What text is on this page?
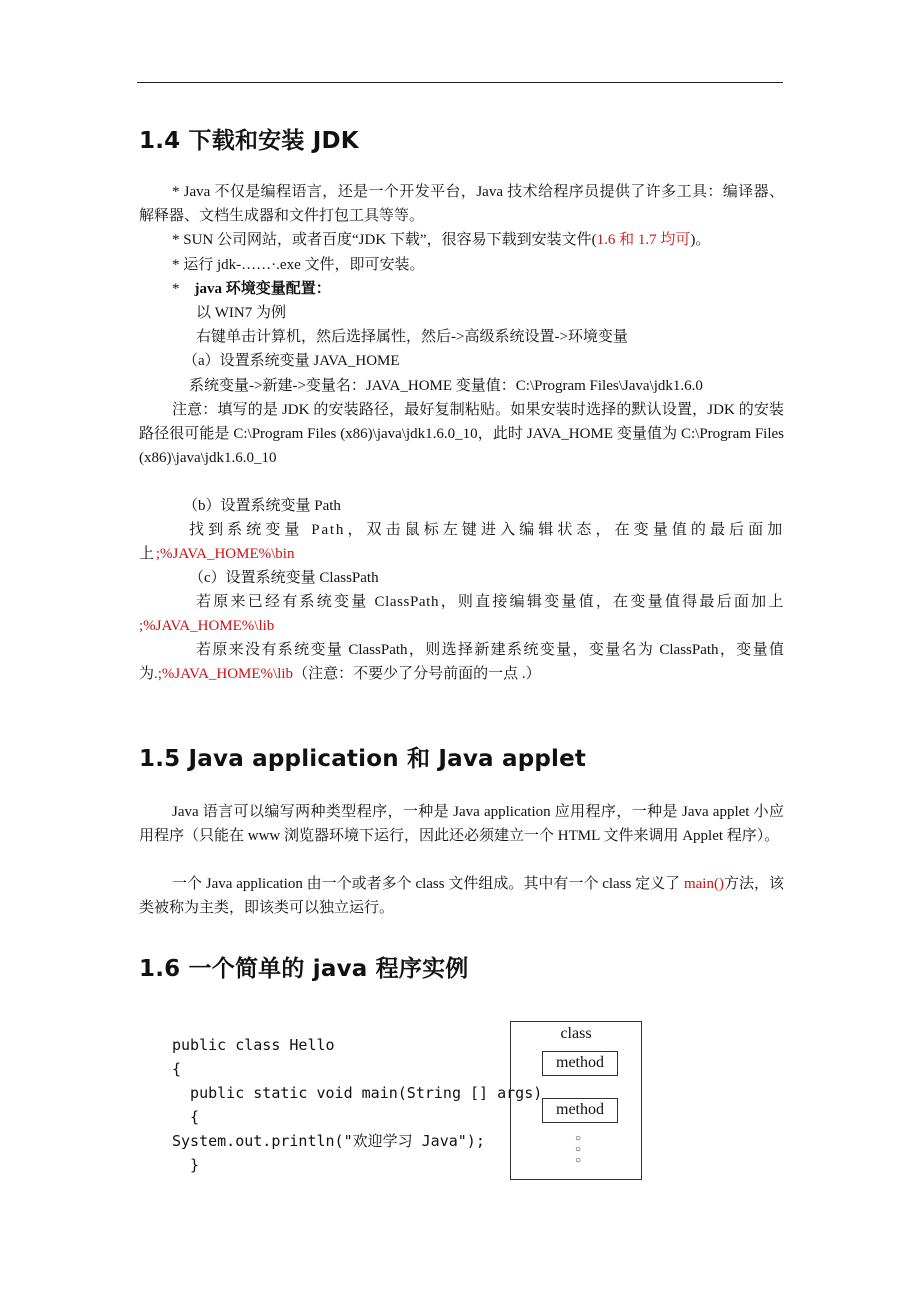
1.4 下载和安装 JDK

* Java 不仅是编程语言，还是一个开发平台，Java 技术给程序员提供了许多工具：编译器、解释器、文档生成器和文件打包工具等等。

* SUN 公司网站，或者百度“JDK 下载”，很容易下载到安装文件(1.6 和 1.7 均可)。

* 运行 jdk-……·.exe 文件，即可安装。

* java 环境变量配置：

以 WIN7 为例

右键单击计算机，然后选择属性，然后->高级系统设置->环境变量

（a）设置系统变量 JAVA_HOME

系统变量->新建->变量名：JAVA_HOME 变量值：C:\Program Files\Java\jdk1.6.0

注意：填写的是 JDK 的安装路径，最好复制粘贴。如果安装时选择的默认设置，JDK 的安装路径很可能是 C:\Program Files (x86)\java\jdk1.6.0_10，此时 JAVA_HOME 变量值为 C:\Program Files (x86)\java\jdk1.6.0_10

（b）设置系统变量 Path

找到系统变量 Path，双击鼠标左键进入编辑状态，在变量值的最后面加上;%JAVA_HOME%\bin

（c）设置系统变量 ClassPath

若原来已经有系统变量 ClassPath，则直接编辑变量值，在变量值得最后面加上 ;%JAVA_HOME%\lib

若原来没有系统变量 ClassPath，则选择新建系统变量，变量名为 ClassPath，变量值为.;%JAVA_HOME%\lib（注意：不要少了分号前面的一点 .）

1.5 Java application 和 Java applet

Java 语言可以编写两种类型程序，一种是 Java application 应用程序，一种是 Java applet 小应用程序（只能在 www 浏览器环境下运行，因此还必须建立一个 HTML 文件来调用 Applet 程序）。

一个 Java application 由一个或者多个 class 文件组成。其中有一个 class 定义了 main()方法，该类被称为主类，即该类可以独立运行。

1.6 一个简单的 java 程序实例
public class Hello
{
public static void main(String [] args)
{
System.out.println("欢迎学习 Java");
}
class
method
method
○
○
○
